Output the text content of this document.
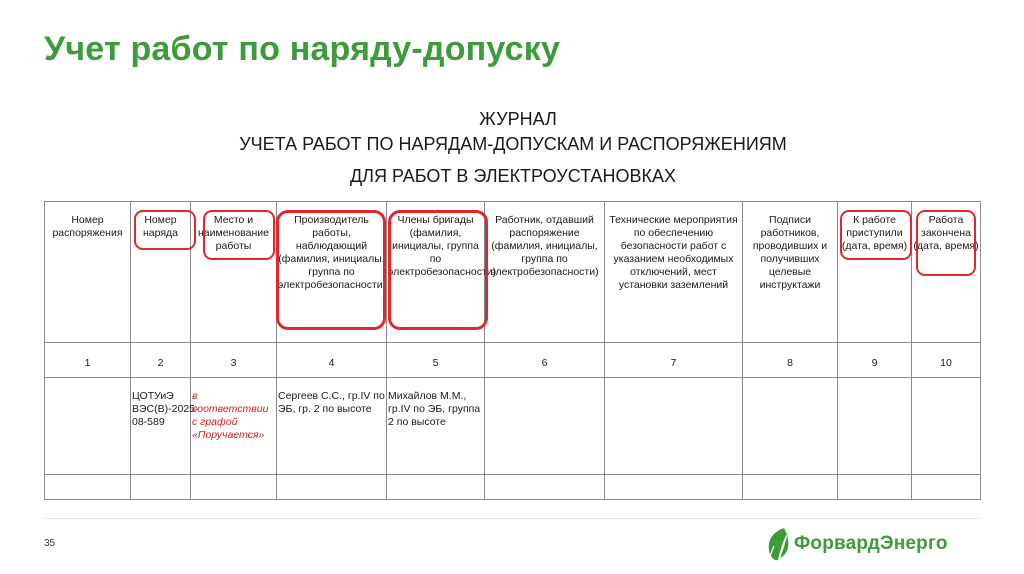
Учет работ по наряду-допуску
ЖУРНАЛ
УЧЕТА РАБОТ ПО НАРЯДАМ-ДОПУСКАМ И РАСПОРЯЖЕНИЯМ
ДЛЯ РАБОТ В ЭЛЕКТРОУСТАНОВКАХ
Номер распоряжения	Номер наряда	Место и наименование работы	Производитель работы, наблюдающий (фамилия, инициалы, группа по электробезопасности)	Члены бригады (фамилия, инициалы, группа по электробезопасности)	Работник, отдавший распоряжение (фамилия, инициалы, группа по электробезопасности)	Технические мероприятия по обеспечению безопасности работ с указанием необходимых отключений, мест установки заземлений	Подписи работников, проводивших и получивших целевые инструктажи	К работе приступили (дата, время)	Работа закончена (дата, время)
1	2	3	4	5	6	7	8	9	10
	ЦОТУиЭ ВЭС(В)-2025-08-589	в соответствии с графой «Поручается»	Сергеев С.С., гр.IV по ЭБ, гр. 2 по высоте	Михайлов М.М., гр.IV по ЭБ, группа 2 по высоте					

35	ФорвардЭнерго
